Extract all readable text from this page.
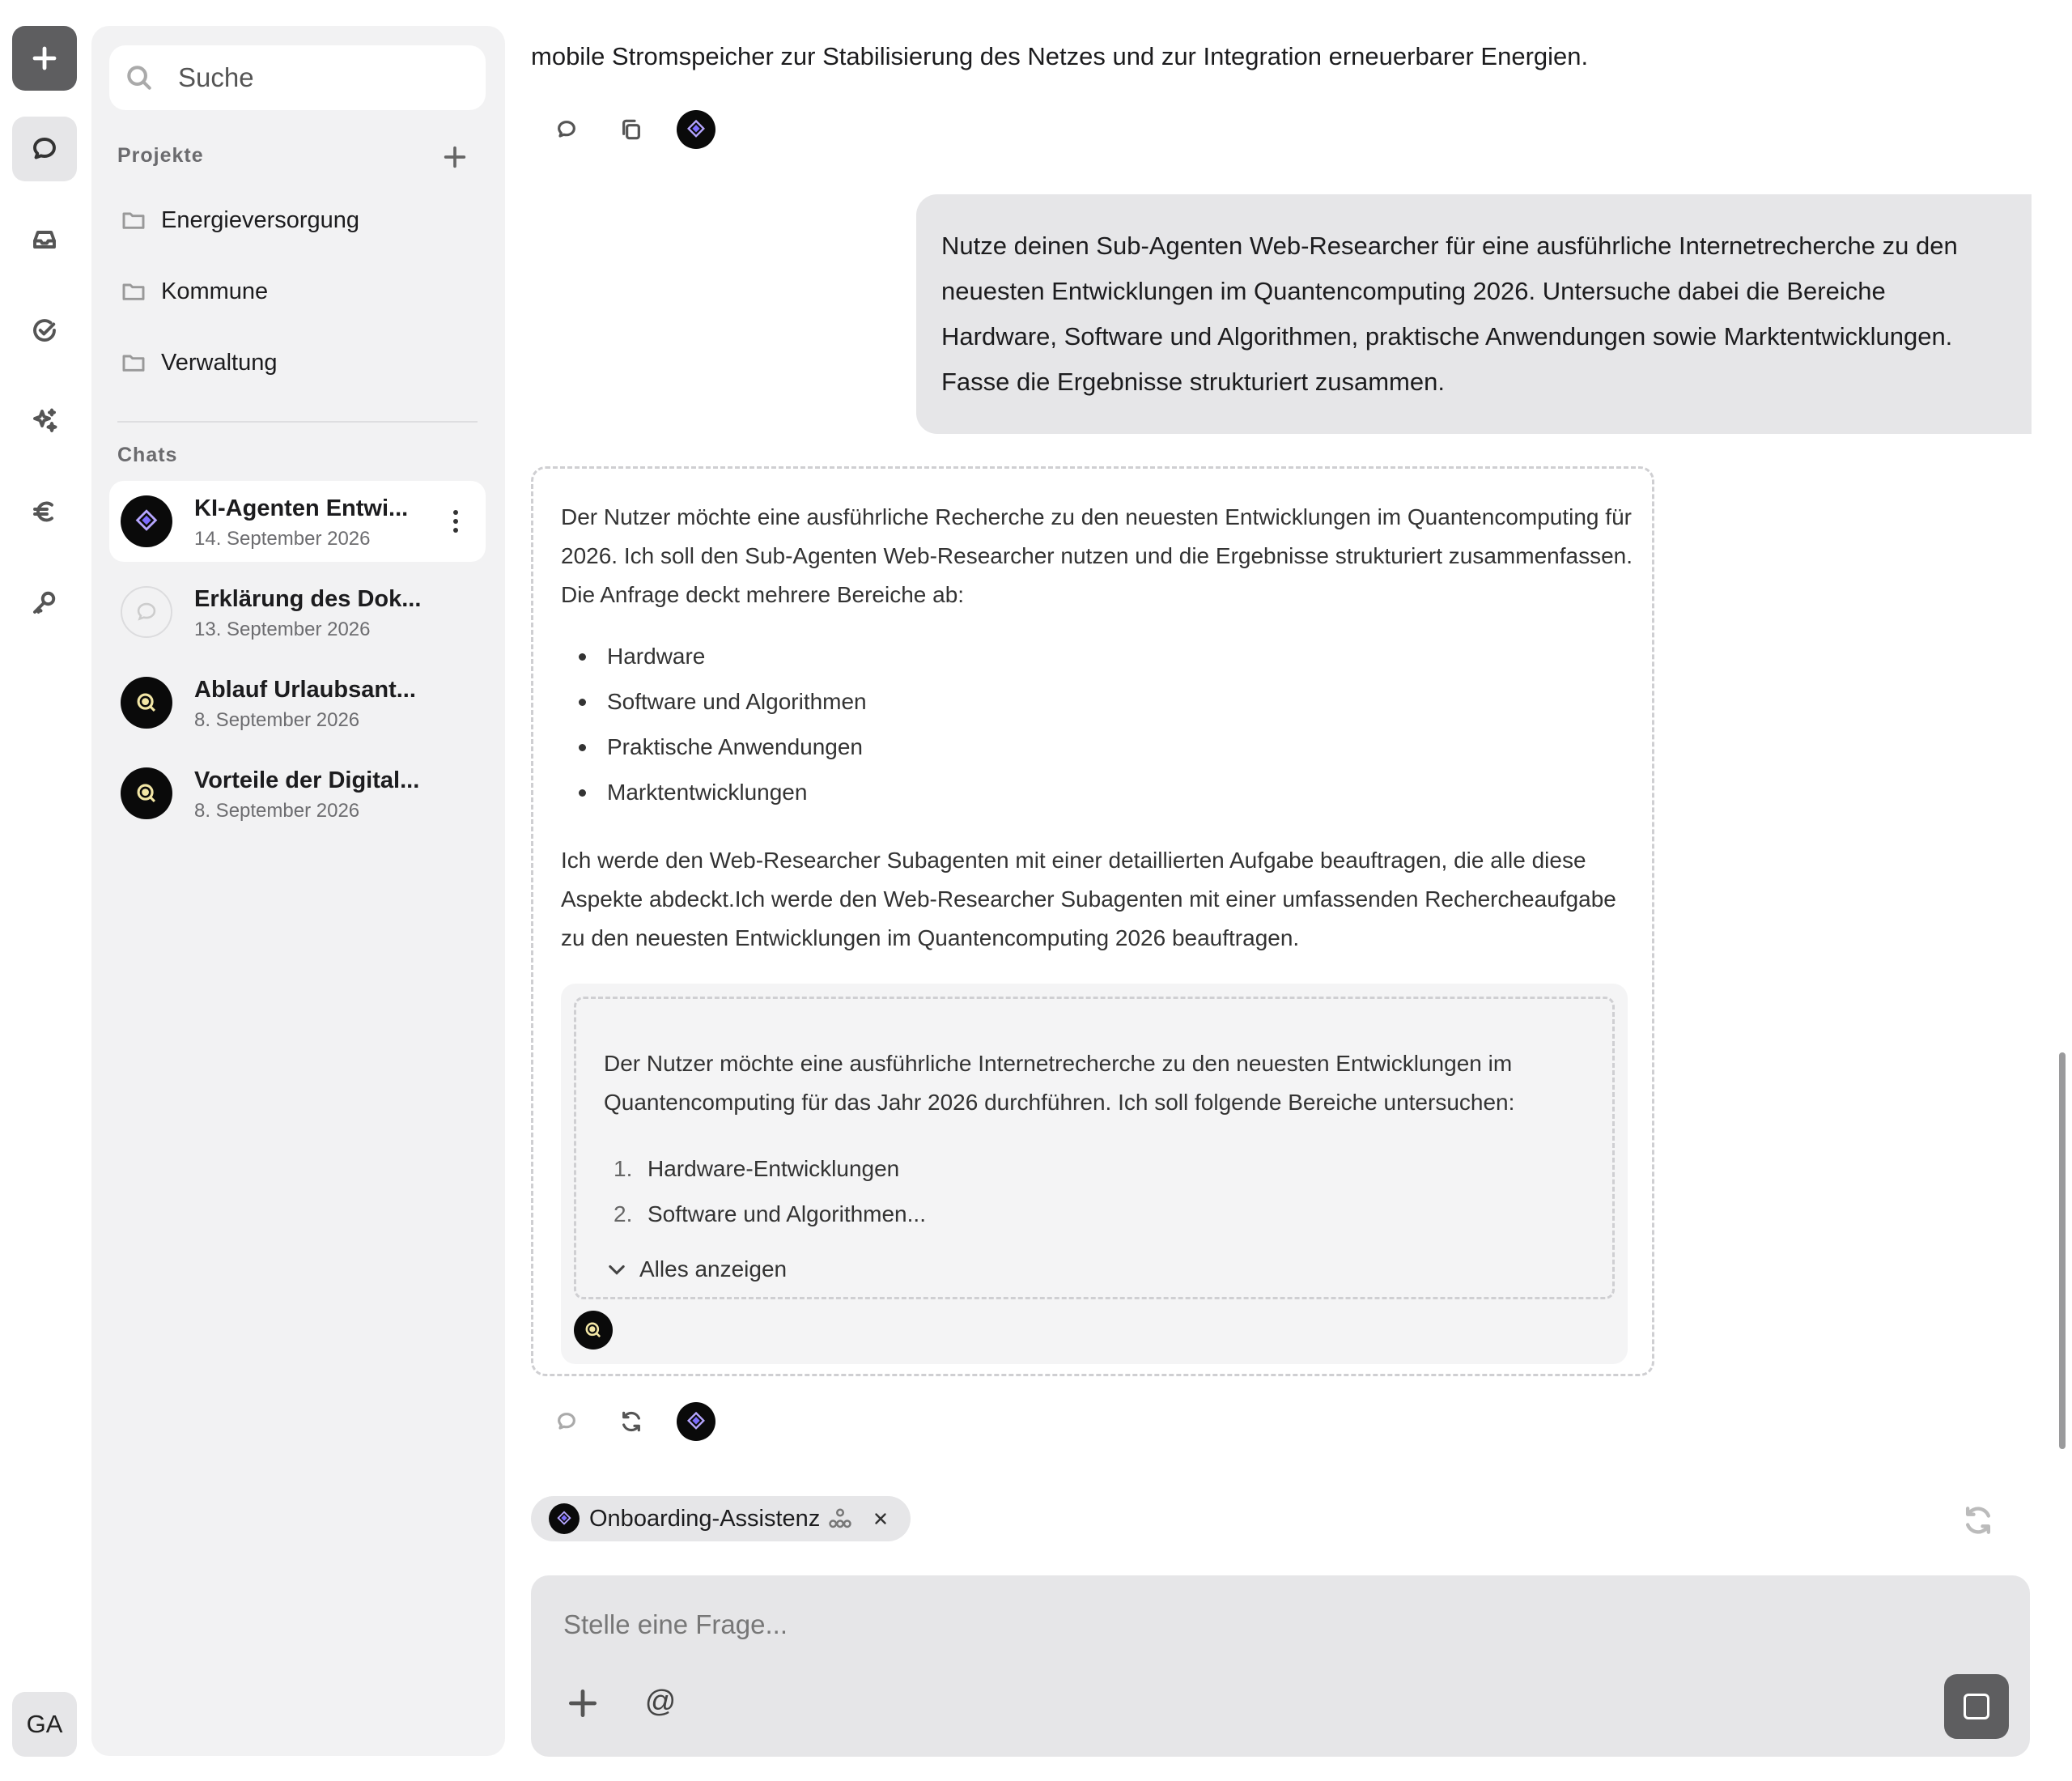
GA
Suche
Projekte
Energieversorgung
Kommune
Verwaltung
Chats
KI-Agenten Entwi...
14. September 2026
Erklärung des Dok...
13. September 2026
Ablauf Urlaubsant...
8. September 2026
Vorteile der Digital...
8. September 2026
mobile Stromspeicher zur Stabilisierung des Netzes und zur Integration erneuerbarer Energien.
Nutze deinen Sub-Agenten Web-Researcher für eine ausführliche Internetrecherche zu den neuesten Entwicklungen im Quantencomputing 2026. Untersuche dabei die Bereiche Hardware, Software und Algorithmen, praktische Anwendungen sowie Marktentwicklungen. Fasse die Ergebnisse strukturiert zusammen.
Der Nutzer möchte eine ausführliche Recherche zu den neuesten Entwicklungen im Quantencomputing für 2026. Ich soll den Sub-Agenten Web-Researcher nutzen und die Ergebnisse strukturiert zusammenfassen. Die Anfrage deckt mehrere Bereiche ab:
Hardware
Software und Algorithmen
Praktische Anwendungen
Marktentwicklungen
Ich werde den Web-Researcher Subagenten mit einer detaillierten Aufgabe beauftragen, die alle diese Aspekte abdeckt.Ich werde den Web-Researcher Subagenten mit einer umfassenden Rechercheaufgabe zu den neuesten Entwicklungen im Quantencomputing 2026 beauftragen.
Der Nutzer möchte eine ausführliche Internetrecherche zu den neuesten Entwicklungen im Quantencomputing für das Jahr 2026 durchführen. Ich soll folgende Bereiche untersuchen:
1. Hardware-Entwicklungen
2. Software und Algorithmen...
Alles anzeigen
Onboarding-Assistenz
Stelle eine Frage...
@
